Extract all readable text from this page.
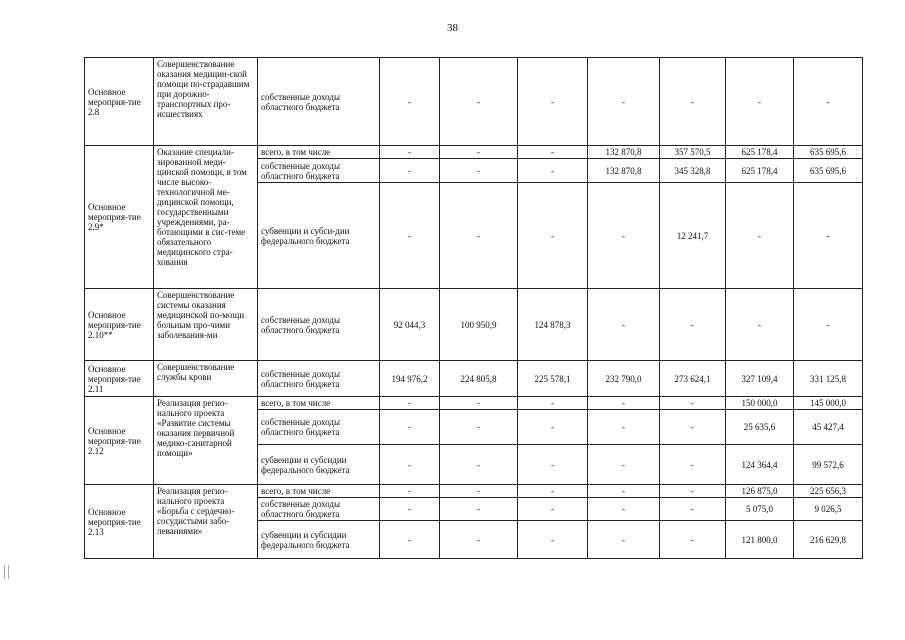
38
Основное мероприя-тие 2.8	Совершенствование оказания медицин-ской помощи по-страдавшим при дорожно-транспортных про-исшествиях	собственные доходы областного бюджета	-	-	-	-	-	-	-
Основное мероприя-тие 2.9*	Оказание специали-зированной меди-цинской помощи, в том числе высоко-технологичной ме-дицинской помощи, государственными учреждениями, ра-ботающими в сис-теме обязательного медицинского стра-хования	всего, в том числе	-	-	-	132 870,8	357 570,5	625 178,4	635 695,6
		собственные доходы областного бюджета	-	-	-	132 870,8	345 328,8	625 178,4	635 695,6
		субвенции и субси-дии федерального бюджета	-	-	-	-	12 241,7	-	-
Основное мероприя-тие 2.10**	Совершенствование системы оказания медицинской по-мощи больным про-чими заболевания-ми	собственные доходы областного бюджета	92 044,3	100 950,9	124 878,3	-	-	-	-
Основное мероприя-тие 2.11	Совершенствование службы крови	собственные доходы областного бюджета	194 976,2	224 805,8	225 578,1	232 790,0	273 624,1	327 109,4	331 125,8
Основное мероприя-тие 2.12	Реализация регио-нального проекта «Развитие системы оказания первичной медико-санитарной помощи»	всего, в том числе	-	-	-	-	-	150 000,0	145 000,0
		собственные доходы областного бюджета	-	-	-	-	-	25 635,6	45 427,4
		субвенции и субсидии федерального бюджета	-	-	-	-	-	124 364,4	99 572,6
Основное мероприя-тие 2.13	Реализация регио-нального проекта «Борьба с сердечно-сосудистыми забо-леваниями»	всего, в том числе	-	-	-	-	-	126 875,0	225 656,3
		собственные доходы областного бюджета	-	-	-	-	-	5 075,0	9 026,5
		субвенции и субсидии федерального бюджета	-	-	-	-	-	121 800,0	216 629,8
